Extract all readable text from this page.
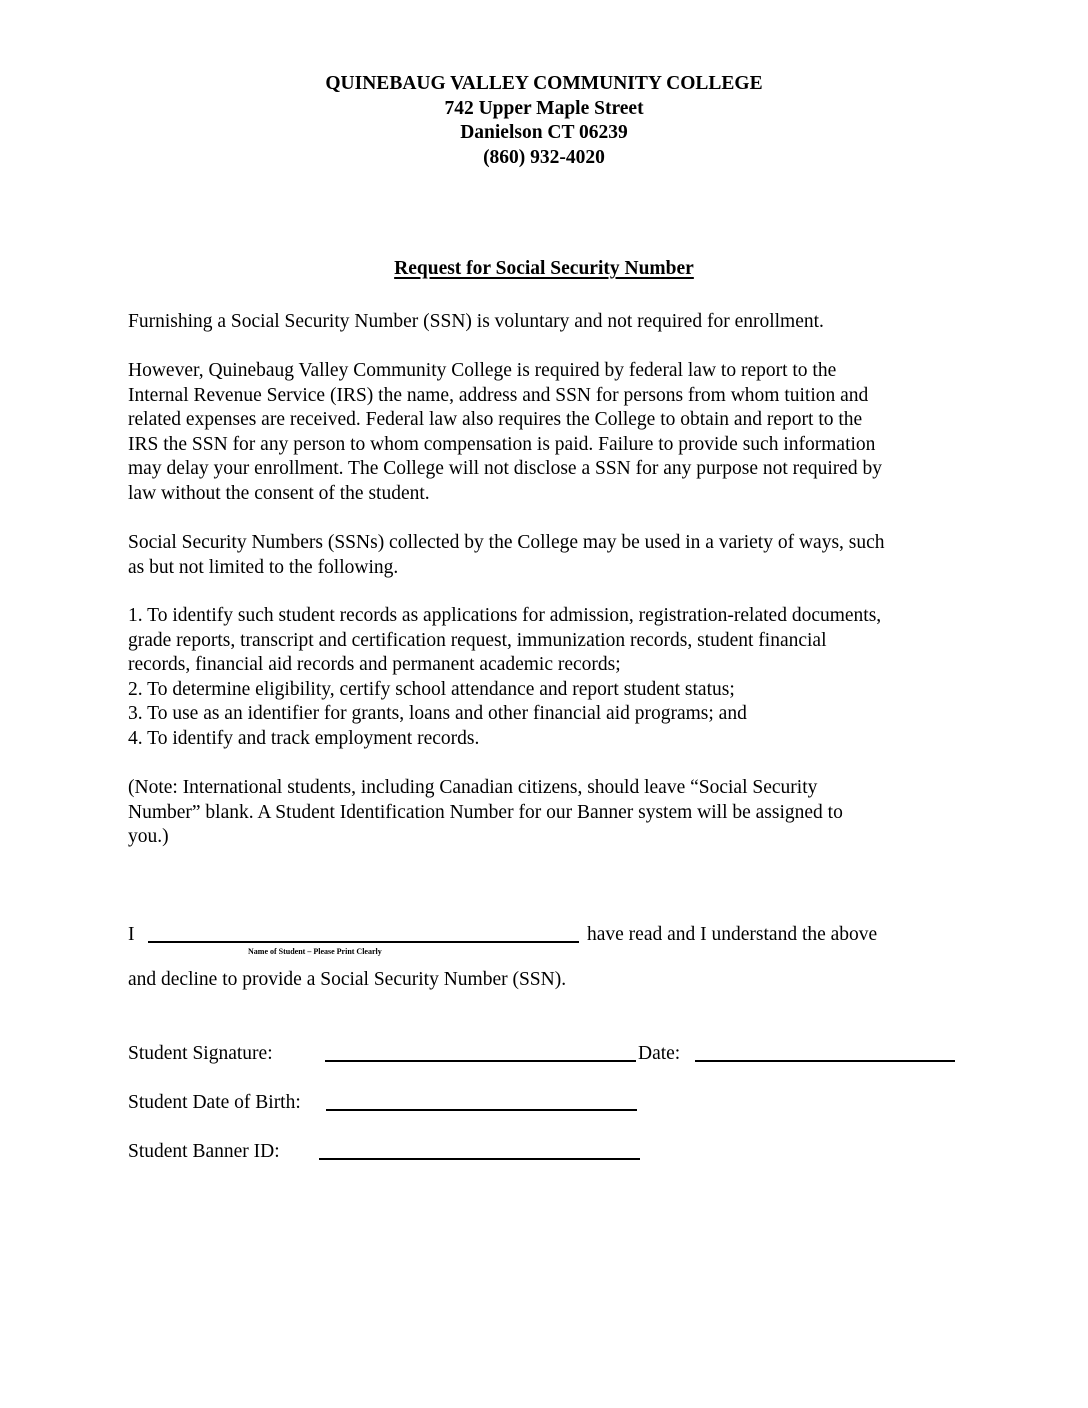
QUINEBAUG VALLEY COMMUNITY COLLEGE
742 Upper Maple Street
Danielson CT 06239
(860) 932-4020
Request for Social Security Number
Furnishing a Social Security Number (SSN) is voluntary and not required for enrollment.
However, Quinebaug Valley Community College is required by federal law to report to the
Internal Revenue Service (IRS) the name, address and SSN for persons from whom tuition and
related expenses are received. Federal law also requires the College to obtain and report to the
IRS the SSN for any person to whom compensation is paid. Failure to provide such information
may delay your enrollment. The College will not disclose a SSN for any purpose not required by
law without the consent of the student.
Social Security Numbers (SSNs) collected by the College may be used in a variety of ways, such
as but not limited to the following.
1. To identify such student records as applications for admission, registration-related documents,
grade reports, transcript and certification request, immunization records, student financial
records, financial aid records and permanent academic records;
2. To determine eligibility, certify school attendance and report student status;
3. To use as an identifier for grants, loans and other financial aid programs; and
4. To identify and track employment records.
(Note: International students, including Canadian citizens, should leave “Social Security
Number” blank. A Student Identification Number for our Banner system will be assigned to
you.)
I
Name of Student – Please Print Clearly
have read and I understand the above
and decline to provide a Social Security Number (SSN).
Student Signature:	Date:
Student Date of Birth:
Student Banner ID:
